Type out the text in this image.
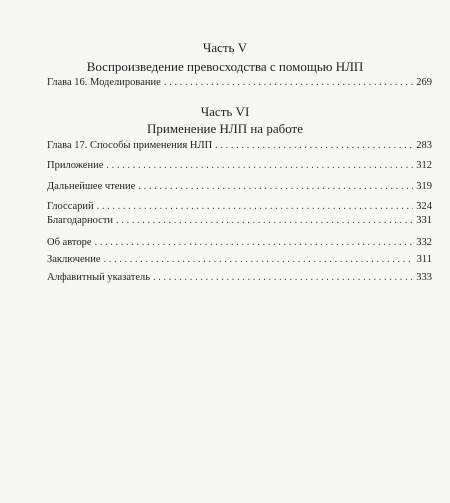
Часть V
Воспроизведение превосходства с помощью НЛП
Глава 16. Моделирование . . .	269
Часть VI
Применение НЛП на работе
Глава 17. Способы применения НЛП . . .	283
Приложение . . .	312
Дальнейшее чтение . . .	319
Глоссарий . . .	324
Благодарности . . .	331
Об авторе . . .	332
Заключение . . .	311
Алфавитный указатель . . .	333
